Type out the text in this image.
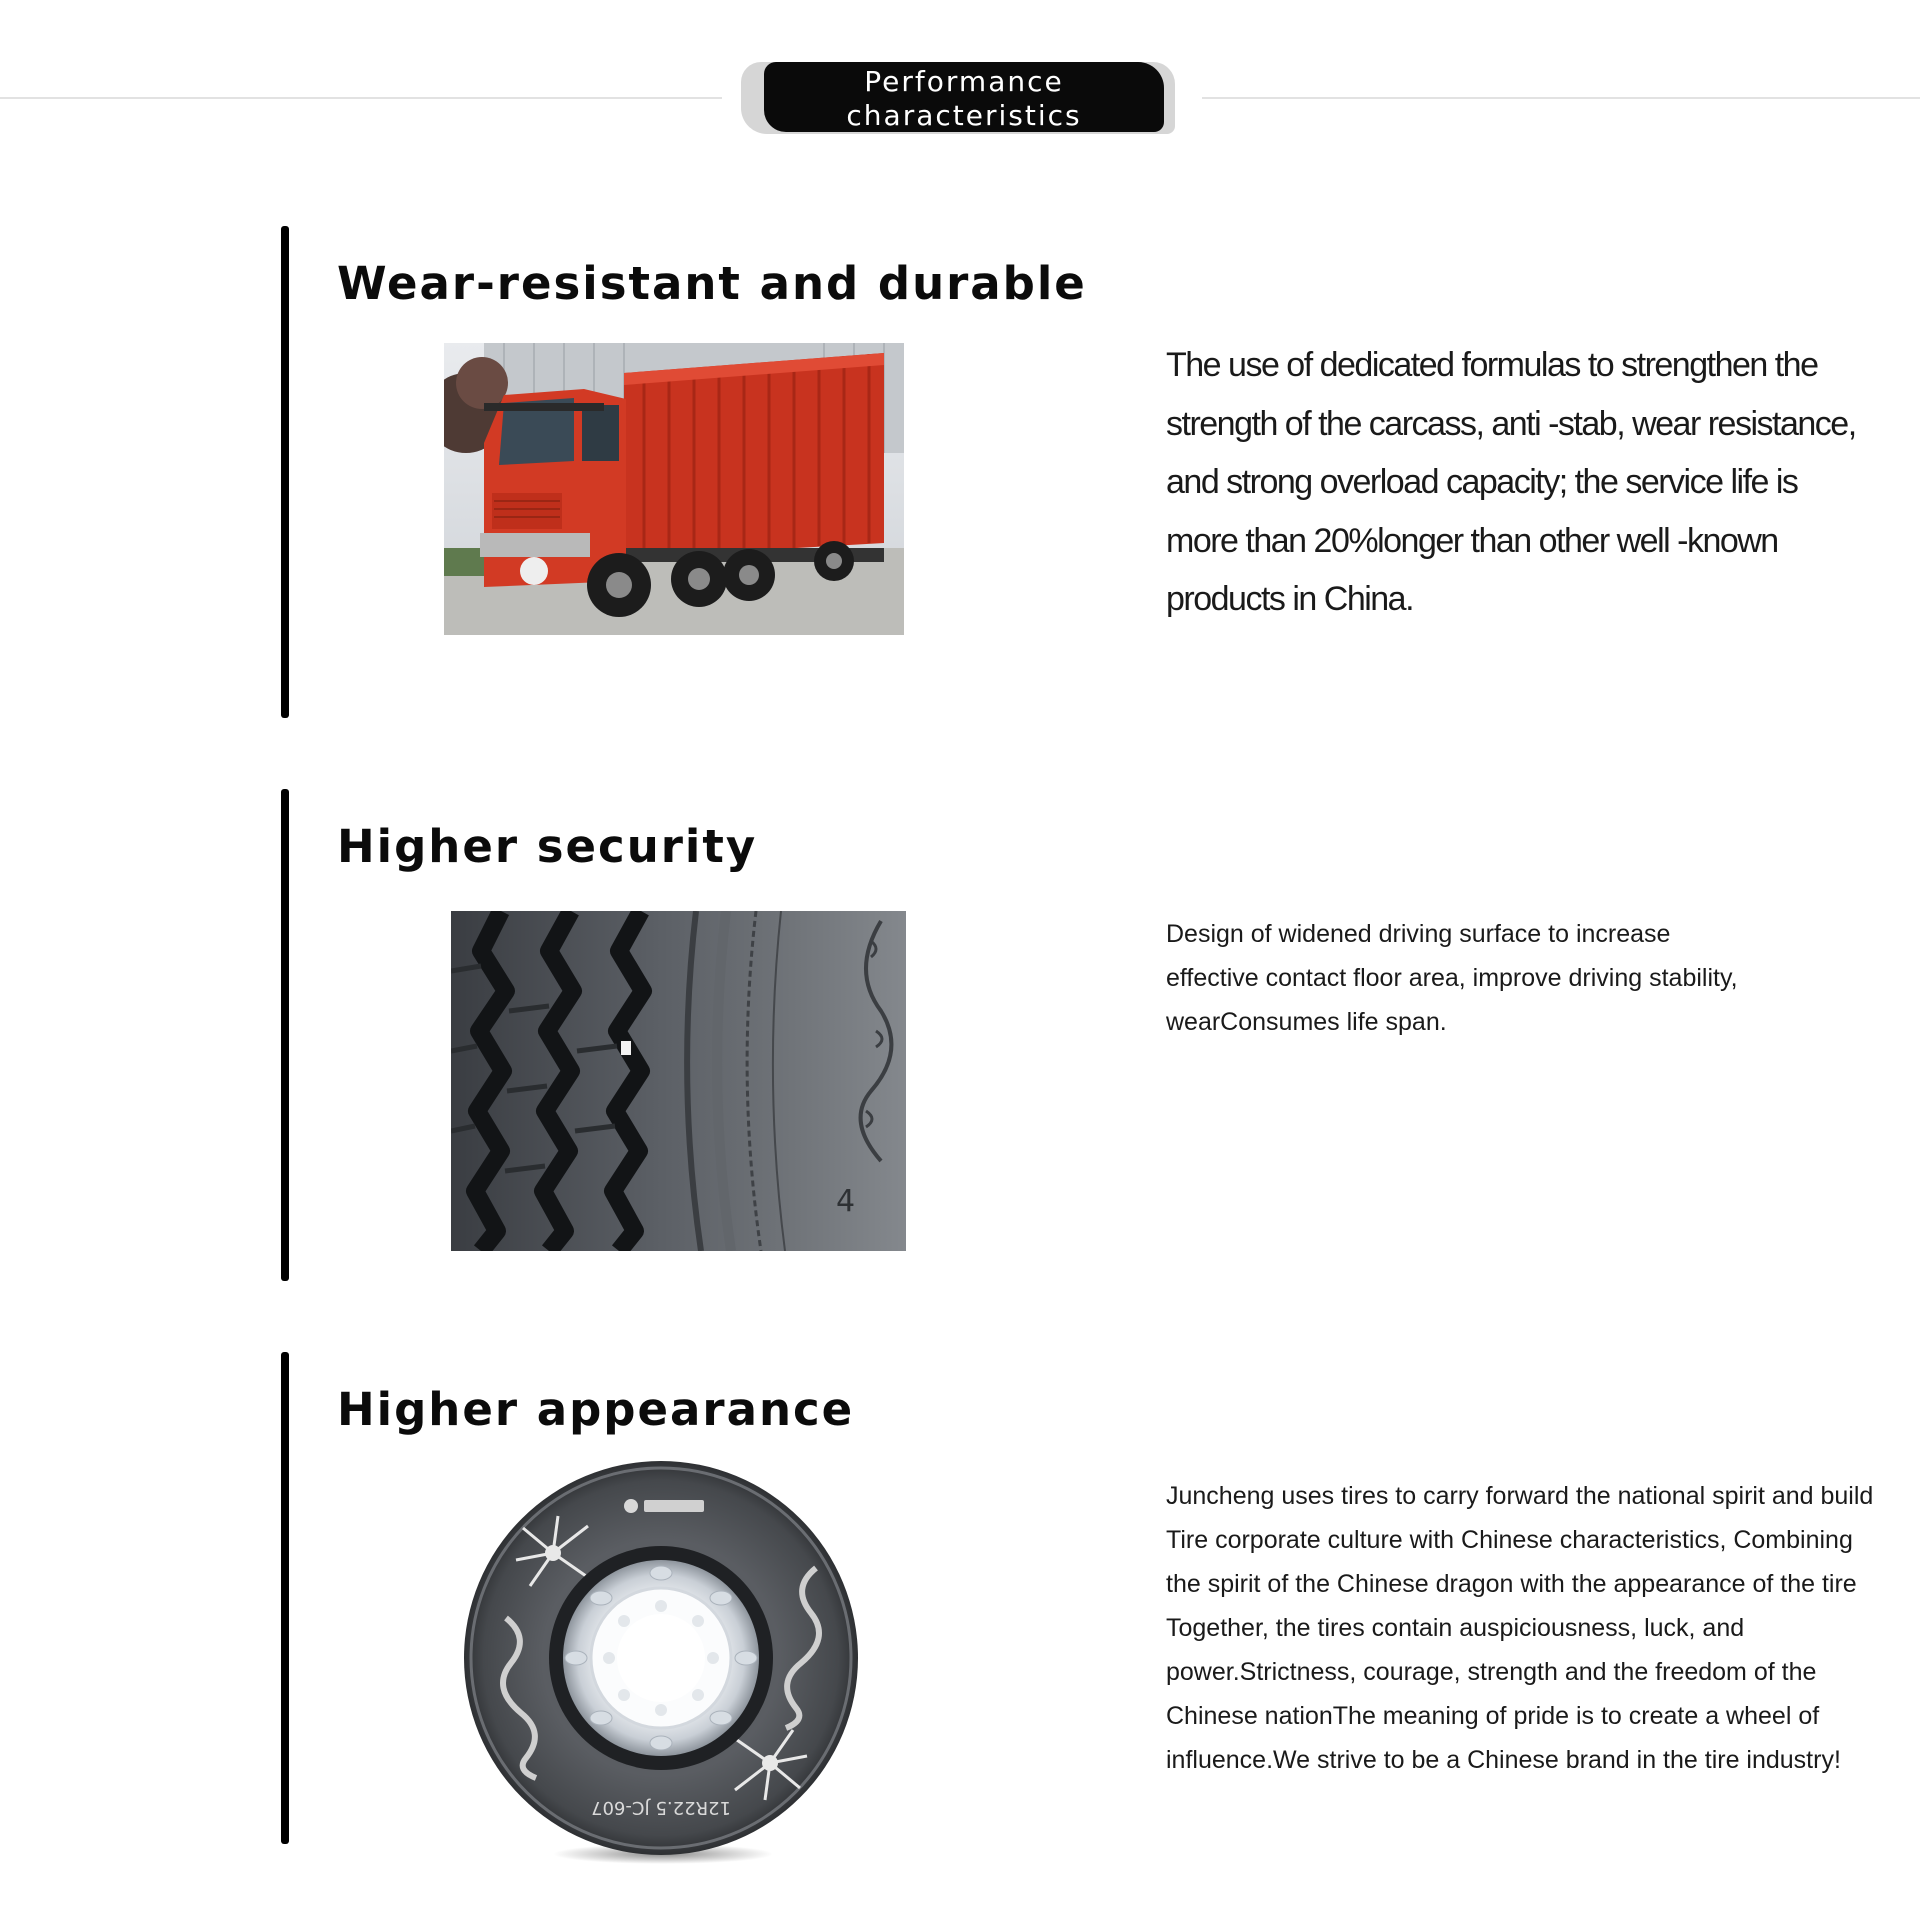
Performance
characteristics
Wear-resistant and durable

The use of dedicated formulas to strengthen the strength of the carcass, anti -stab, wear resistance, and strong overload capacity; the service life is more than 20%longer than other well -known products in China.

Higher security
4

Design of widened driving surface to increase effective contact floor area, improve driving stability, wearConsumes life span.

Higher appearance
12R22.5 JC-607

Juncheng uses tires to carry forward the national spirit and build Tire corporate culture with Chinese characteristics, Combining the spirit of the Chinese dragon with the appearance of the tire Together, the tires contain auspiciousness, luck, and power.Strictness, courage, strength and the freedom of the Chinese nationThe meaning of pride is to create a wheel of influence.We strive to be a Chinese brand in the tire industry!
